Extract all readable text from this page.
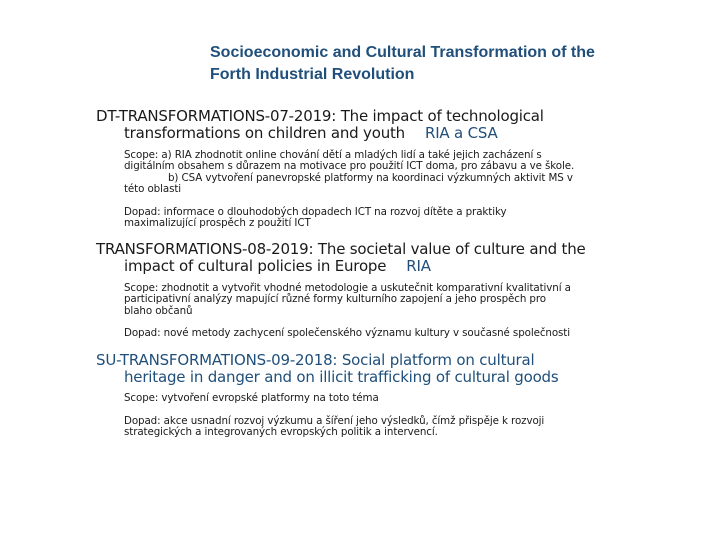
Socioeconomic and Cultural Transformation of the
Forth Industrial Revolution
DT-TRANSFORMATIONS-07-2019: The impact of technological
transformations on children and youth RIA a CSA
Scope: a) RIA zhodnotit online chování dětí a mladých lidí a také jejich zacházení s
digitálním obsahem s důrazem na motivace pro použití ICT doma, pro zábavu a ve škole.
b) CSA vytvoření panevropské platformy na koordinaci výzkumných aktivit MS v
této oblasti
Dopad: informace o dlouhodobých dopadech ICT na rozvoj dítěte a praktiky
maximalizující prospěch z použití ICT
TRANSFORMATIONS-08-2019: The societal value of culture and the
impact of cultural policies in Europe RIA
Scope: zhodnotit a vytvořit vhodné metodologie a uskutečnit komparativní kvalitativní a
participativní analýzy mapující různé formy kulturního zapojení a jeho prospěch pro
blaho občanů
Dopad: nové metody zachycení společenského významu kultury v současné společnosti
SU-TRANSFORMATIONS-09-2018: Social platform on cultural
heritage in danger and on illicit trafficking of cultural goods
Scope: vytvoření evropské platformy na toto téma
Dopad: akce usnadní rozvoj výzkumu a šíření jeho výsledků, čímž přispěje k rozvoji
strategických a integrovaných evropských politik a intervencí.
